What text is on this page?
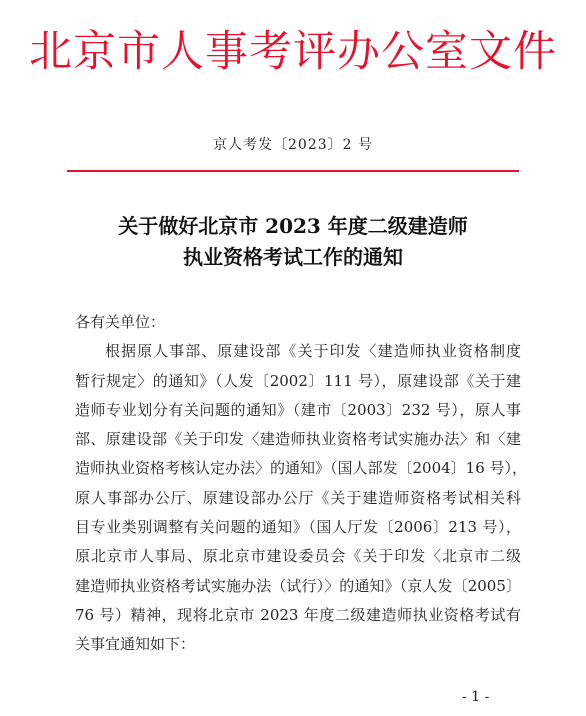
北京市人事考评办公室文件
京人考发〔2023〕2 号
关于做好北京市 2023 年度二级建造师
执业资格考试工作的通知
各有关单位：
根据原人事部、原建设部《关于印发〈建造师执业资格制度
暂行规定〉的通知》（人发〔2002〕111 号），原建设部《关于建
造师专业划分有关问题的通知》（建市〔2003〕232 号），原人事
部、原建设部《关于印发〈建造师执业资格考试实施办法〉和〈建
造师执业资格考核认定办法〉的通知》（国人部发〔2004〕16 号），
原人事部办公厅、原建设部办公厅《关于建造师资格考试相关科
目专业类别调整有关问题的通知》（国人厅发〔2006〕213 号），
原北京市人事局、原北京市建设委员会《关于印发〈北京市二级
建造师执业资格考试实施办法（试行）〉的通知》（京人发〔2005〕
76 号）精神，现将北京市 2023 年度二级建造师执业资格考试有
关事宜通知如下：
- 1 -
